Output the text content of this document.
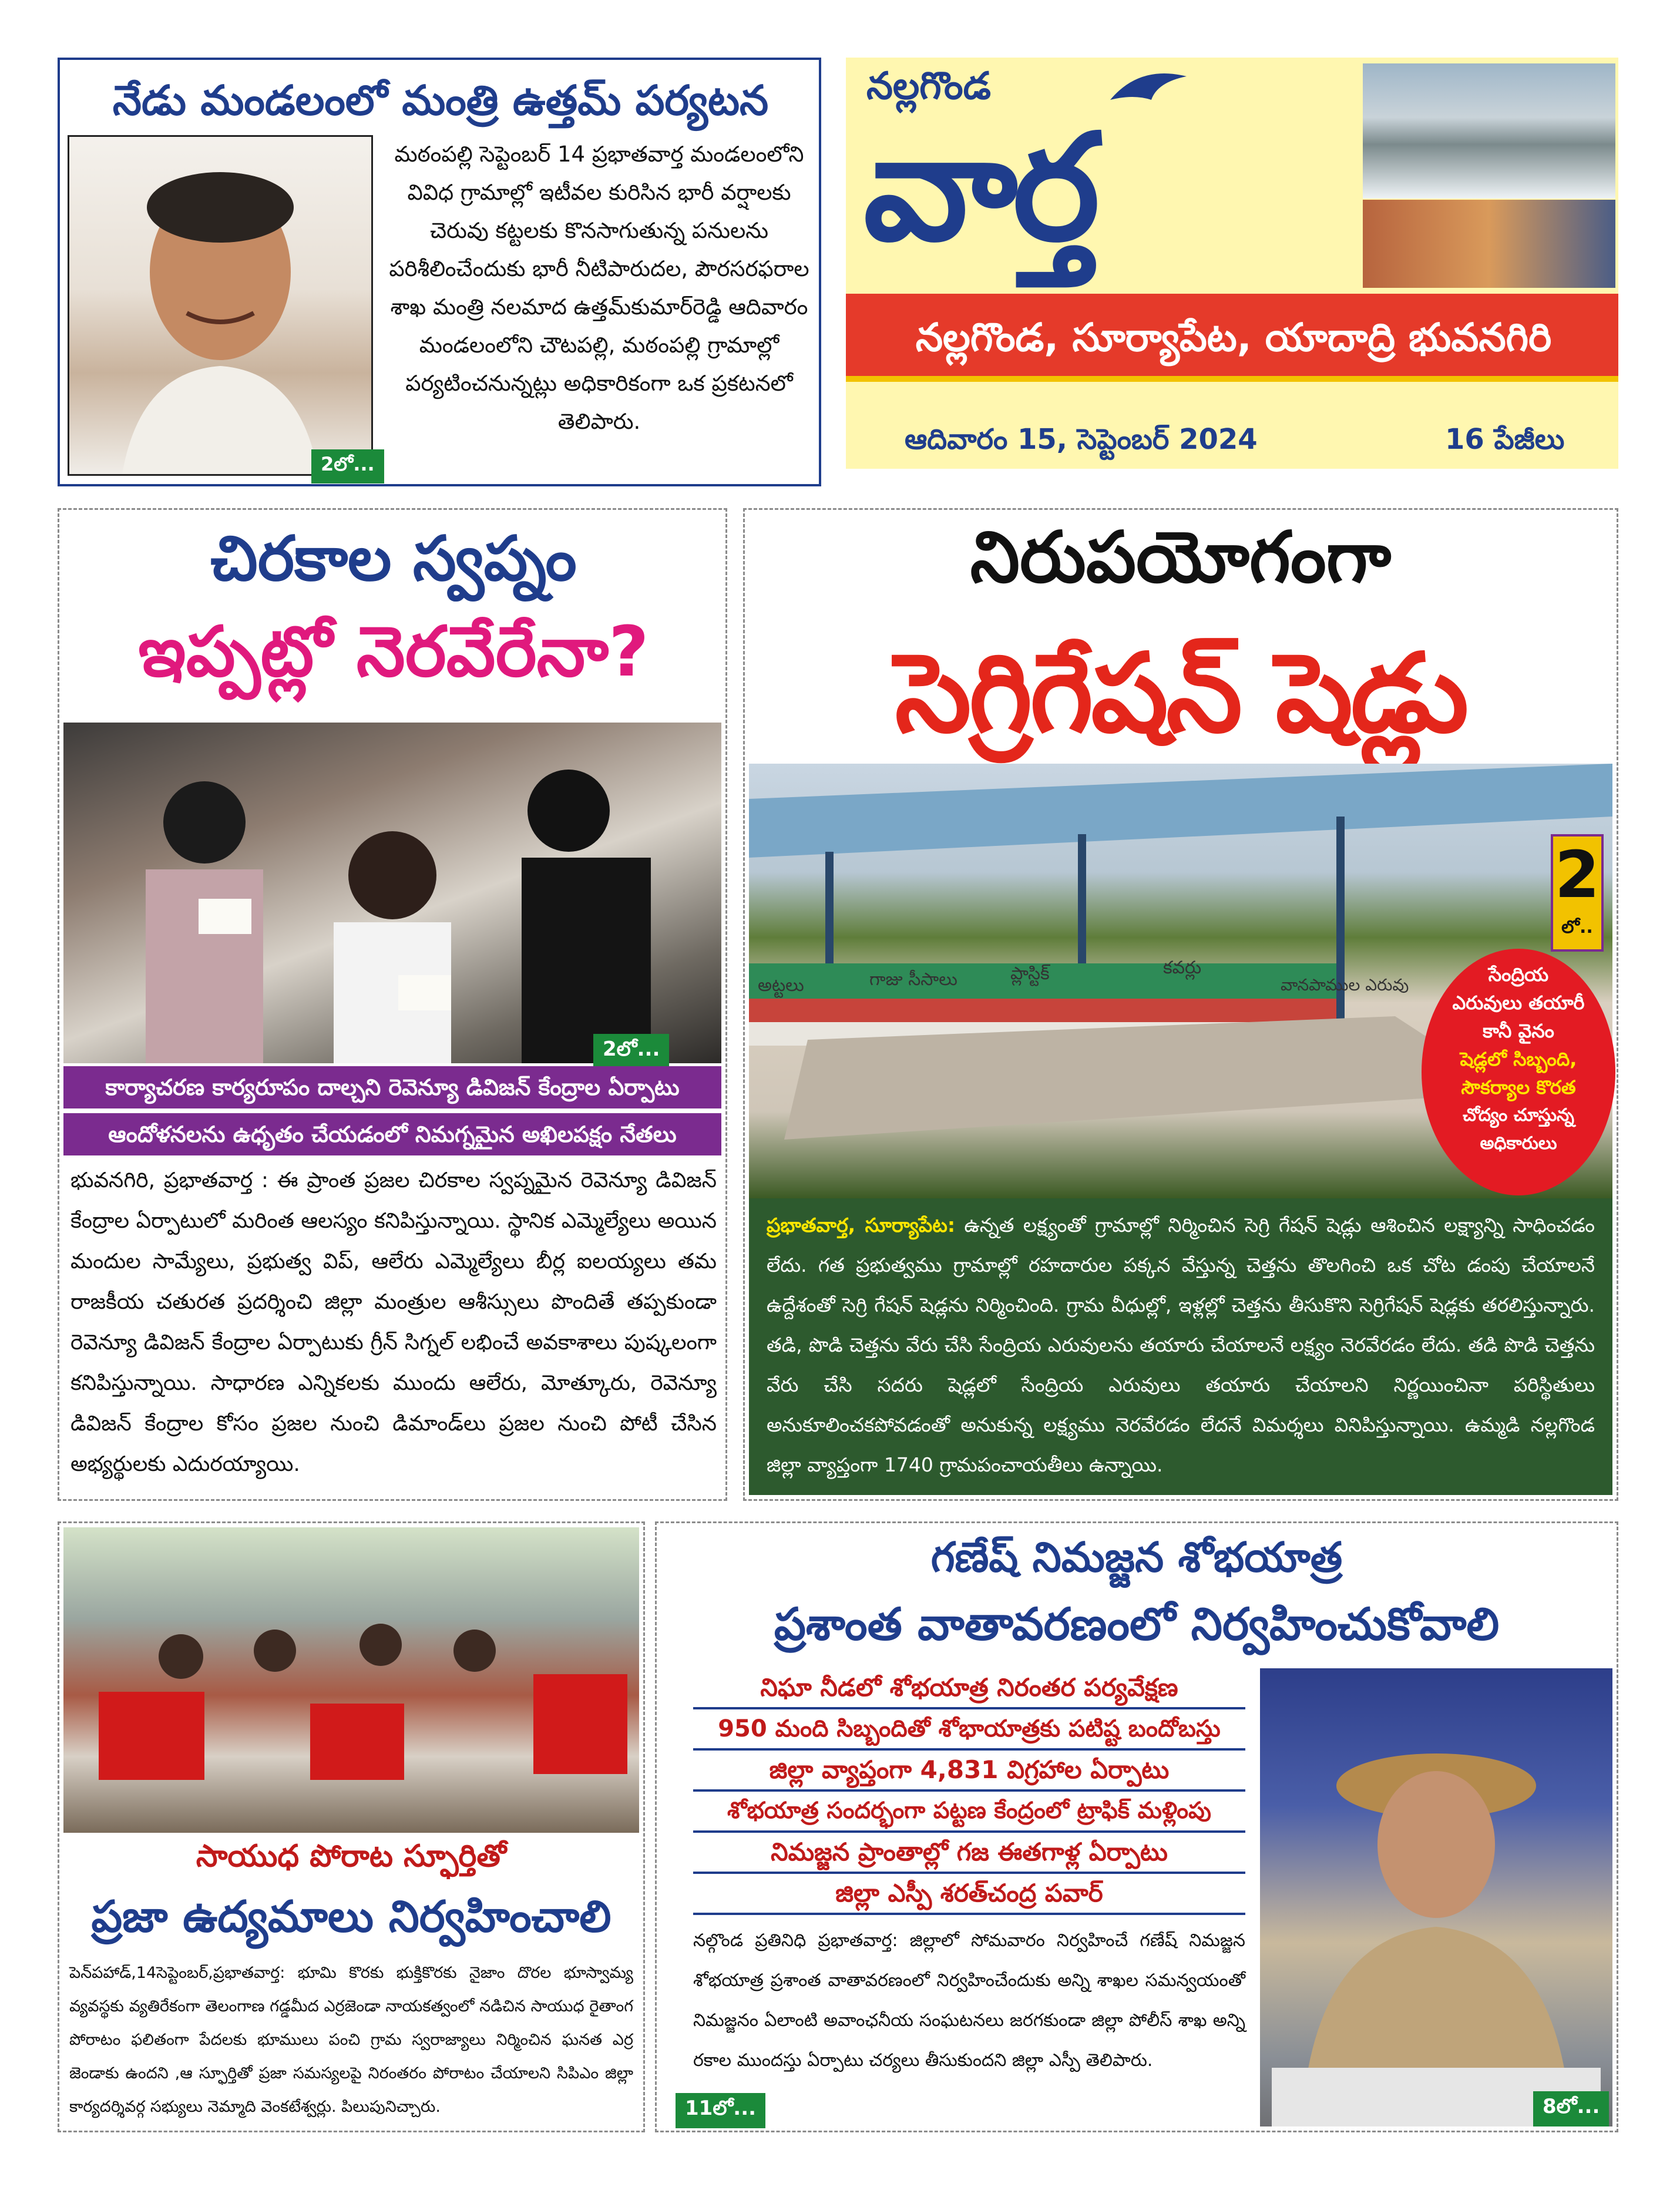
నేడు మండలంలో మంత్రి ఉత్తమ్ పర్యటన
2లో...
మఠంపల్లి సెప్టెంబర్ 14 ప్రభాతవార్త మండలంలోని వివిధ గ్రామాల్లో ఇటీవల కురిసిన భారీ వర్షాలకు చెరువు కట్టలకు కొనసాగుతున్న పనులను పరిశీలించేందుకు భారీ నీటిపారుదల, పౌరసరఫరాల శాఖ మంత్రి నలమాద ఉత్తమ్‌కుమార్‌రెడ్డి ఆదివారం మండలంలోని చౌటపల్లి, మఠంపల్లి గ్రామాల్లో పర్యటించనున్నట్లు అధికారికంగా ఒక ప్రకటనలో తెలిపారు.
నల్లగొండ
వార్త
నల్లగొండ, సూర్యాపేట, యాదాద్రి భువనగిరి
ఆదివారం 15, సెప్టెంబర్ 2024	16 పేజీలు
చిరకాల స్వప్నం
ఇప్పట్లో నెరవేరేనా?
2లో...
కార్యాచరణ కార్యరూపం దాల్చని రెవెన్యూ డివిజన్ కేంద్రాల ఏర్పాటు
ఆందోళనలను ఉధృతం చేయడంలో నిమగ్నమైన అఖిలపక్షం నేతలు
భువనగిరి, ప్రభాతవార్త : ఈ ప్రాంత ప్రజల చిరకాల స్వప్నమైన రెవెన్యూ డివిజన్ కేంద్రాల ఏర్పాటులో మరింత ఆలస్యం కనిపిస్తున్నాయి. స్థానిక ఎమ్మెల్యేలు అయిన మందుల సామ్యేలు, ప్రభుత్వ విప్, ఆలేరు ఎమ్మెల్యేలు బీర్ల ఐలయ్యలు తమ రాజకీయ చతురత ప్రదర్శించి జిల్లా మంత్రుల ఆశీస్సులు పొందితే తప్పకుండా రెవెన్యూ డివిజన్ కేంద్రాల ఏర్పాటుకు గ్రీన్ సిగ్నల్ లభించే అవకాశాలు పుష్కలంగా కనిపిస్తున్నాయి. సాధారణ ఎన్నికలకు ముందు ఆలేరు, మోత్కూరు, రెవెన్యూ డివిజన్ కేంద్రాల కోసం ప్రజల నుంచి డిమాండ్‌లు ప్రజల నుంచి పోటీ చేసిన అభ్యర్థులకు ఎదురయ్యాయి.
నిరుపయోగంగా
సెగ్రిగేషన్ షెడ్లు
అట్టలు	గాజు సీసాలు	ప్లాస్టిక్	కవర్లు
వానపాముల ఎరువు
2
లో..
సేంద్రియ
ఎరువులు తయారీ
కానీ వైనం
షెడ్లలో సిబ్బంది,
సౌకర్యాల కొరత
చోద్యం చూస్తున్న
అధికారులు
ప్రభాతవార్త, సూర్యాపేట: ఉన్నత లక్ష్యంతో గ్రామాల్లో నిర్మించిన సెగ్రి గేషన్ షెడ్లు ఆశించిన లక్ష్యాన్ని సాధించడం లేదు. గత ప్రభుత్వము గ్రామాల్లో రహదారుల పక్కన వేస్తున్న చెత్తను తొలగించి ఒక చోట డంపు చేయాలనే ఉద్దేశంతో సెగ్రి గేషన్ షెడ్లను నిర్మించింది. గ్రామ వీధుల్లో, ఇళ్లల్లో చెత్తను తీసుకొని సెగ్రిగేషన్ షెడ్లకు తరలిస్తున్నారు. తడి, పొడి చెత్తను వేరు చేసి సేంద్రియ ఎరువులను తయారు చేయాలనే లక్ష్యం నెరవేరడం లేదు. తడి పొడి చెత్తను వేరు చేసి సదరు షెడ్లలో సేంద్రియ ఎరువులు తయారు చేయాలని నిర్ణయించినా పరిస్థితులు అనుకూలించకపోవడంతో అనుకున్న లక్ష్యము నెరవేరడం లేదనే విమర్శలు వినిపిస్తున్నాయి. ఉమ్మడి నల్లగొండ జిల్లా వ్యాప్తంగా 1740 గ్రామపంచాయతీలు ఉన్నాయి.
సాయుధ పోరాట స్ఫూర్తితో
ప్రజా ఉద్యమాలు నిర్వహించాలి
పెన్‌పహాడ్,14సెప్టెంబర్,ప్రభాతవార్త: భూమి కొరకు భుక్తికొరకు నైజాం దొరల భూస్వామ్య వ్యవస్థకు వ్యతిరేకంగా తెలంగాణ గడ్డమీద ఎర్రజెండా నాయకత్వంలో నడిచిన సాయుధ రైతాంగ పోరాటం ఫలితంగా పేదలకు భూములు పంచి గ్రామ స్వరాజ్యాలు నిర్మించిన ఘనత ఎర్ర జెండాకు ఉందని ,ఆ స్ఫూర్తితో ప్రజా సమస్యలపై నిరంతరం పోరాటం చేయాలని సిపిఎం జిల్లా కార్యదర్శివర్గ సభ్యులు నెమ్మాది వెంకటేశ్వర్లు. పిలుపునిచ్చారు.	11లో...
గణేష్ నిమజ్జన శోభయాత్ర
ప్రశాంత వాతావరణంలో నిర్వహించుకోవాలి
నిఘా నీడలో శోభయాత్ర నిరంతర పర్యవేక్షణ
950 మంది సిబ్బందితో శోభాయాత్రకు పటిష్ట బందోబస్తు
జిల్లా వ్యాప్తంగా 4,831 విగ్రహాల ఏర్పాటు
శోభయాత్ర సందర్భంగా పట్టణ కేంద్రంలో ట్రాఫిక్ మళ్లింపు
నిమజ్జన ప్రాంతాల్లో గజ ఈతగాళ్ల ఏర్పాటు
జిల్లా ఎస్పీ శరత్‌చంద్ర పవార్
నల్గొండ ప్రతినిధి ప్రభాతవార్త: జిల్లాలో సోమవారం నిర్వహించే గణేష్ నిమజ్జన శోభయాత్ర ప్రశాంత వాతావరణంలో నిర్వహించేందుకు అన్ని శాఖల సమన్వయంతో నిమజ్జనం ఏలాంటి అవాంఛనీయ సంఘటనలు జరగకుండా జిల్లా పోలీస్ శాఖ అన్ని రకాల ముందస్తు ఏర్పాటు చర్యలు తీసుకుందని జిల్లా ఎస్పీ తెలిపారు.
8లో...
